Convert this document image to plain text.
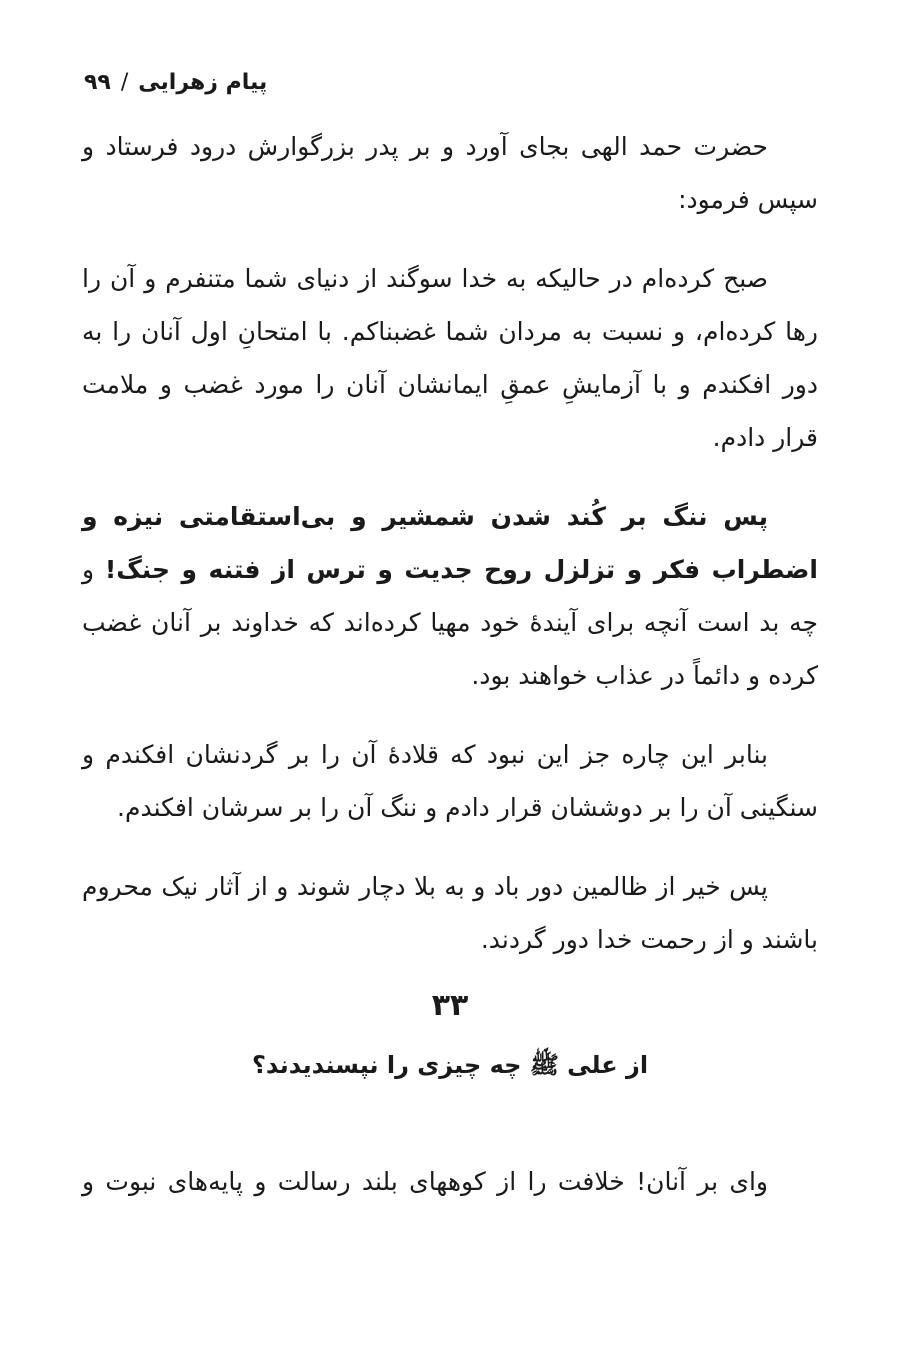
پیام زهرایی/۹۹

حضرت حمد الهی بجای آورد و بر پدر بزرگوارش درود فرستاد و سپس فرمود:

صبح کرده‌ام در حالیکه به خدا سوگند از دنیای شما متنفرم و آن را رها کرده‌ام، و نسبت به مردان شما غضبناکم. با امتحانِ اول آنان را به دور افکندم و با آزمایشِ عمقِ ایمانشان آنان را مورد غضب و ملامت قرار دادم.

پس ننگ بر کُند شدن شمشیر و بی‌استقامتی نیزه و اضطراب فکر و تزلزل روح جدیت و ترس از فتنه و جنگ! و چه بد است آنچه برای آیندهٔ خود مهیا کرده‌اند که خداوند بر آنان غضب کرده و دائماً در عذاب خواهند بود.

بنابر این چاره جز این نبود که قلادهٔ آن را بر گردنشان افکندم و سنگینی آن را بر دوششان قرار دادم و ننگ آن را بر سرشان افکندم.

پس خیر از ظالمین دور باد و به بلا دچار شوند و از آثار نیک محروم باشند و از رحمت خدا دور گردند.

۳۳
از علی ﷺ چه چیزی را نپسندیدند؟
وای بر آنان! خلافت را از کوههای بلند رسالت و پایه‌های نبوت و
